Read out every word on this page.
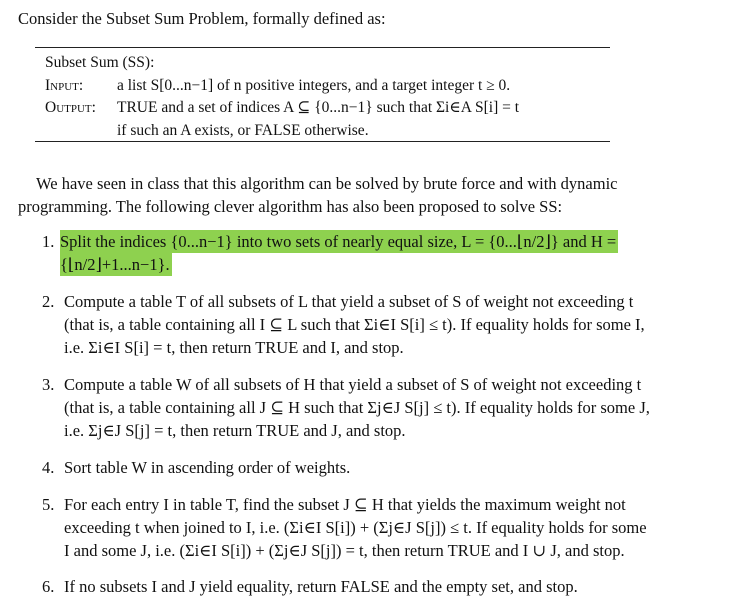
Consider the Subset Sum Problem, formally defined as:
Subset Sum (SS):
Input:	a list S[0...n−1] of n positive integers, and a target integer t ≥ 0.
Output:	TRUE and a set of indices A ⊆ {0...n−1} such that Σi∈A S[i] = t
if such an A exists, or FALSE otherwise.
We have seen in class that this algorithm can be solved by brute force and with dynamic
programming. The following clever algorithm has also been proposed to solve SS:
1. Split the indices {0...n−1} into two sets of nearly equal size, L = {0...⌊n/2⌋} and H =
{⌊n/2⌋+1...n−1}.
2. Compute a table T of all subsets of L that yield a subset of S of weight not exceeding t
(that is, a table containing all I ⊆ L such that Σi∈I S[i] ≤ t). If equality holds for some I,
i.e. Σi∈I S[i] = t, then return TRUE and I, and stop.
3. Compute a table W of all subsets of H that yield a subset of S of weight not exceeding t
(that is, a table containing all J ⊆ H such that Σj∈J S[j] ≤ t). If equality holds for some J,
i.e. Σj∈J S[j] = t, then return TRUE and J, and stop.
4. Sort table W in ascending order of weights.
5. For each entry I in table T, find the subset J ⊆ H that yields the maximum weight not
exceeding t when joined to I, i.e. (Σi∈I S[i]) + (Σj∈J S[j]) ≤ t. If equality holds for some
I and some J, i.e. (Σi∈I S[i]) + (Σj∈J S[j]) = t, then return TRUE and I ∪ J, and stop.
6. If no subsets I and J yield equality, return FALSE and the empty set, and stop.
